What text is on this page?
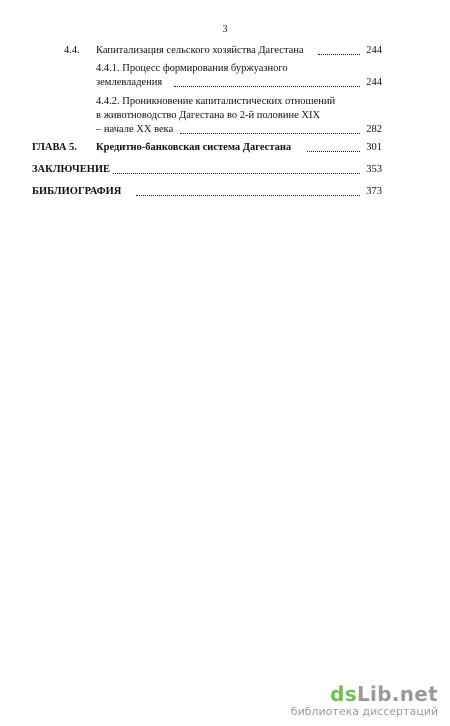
3
4.4. Капитализация сельского хозяйства Дагестана	244
4.4.1. Процесс формирования буржуазного
землевладения	244
4.4.2. Проникновение капиталистических отношений
в животноводство Дагестана во 2-й половине XIX
– начале XX века	282
ГЛАВА 5. Кредитно-банковская система Дагестана	301
ЗАКЛЮЧЕНИЕ	353
БИБЛИОГРАФИЯ	373
dsLib.net
библиотека диссертаций
